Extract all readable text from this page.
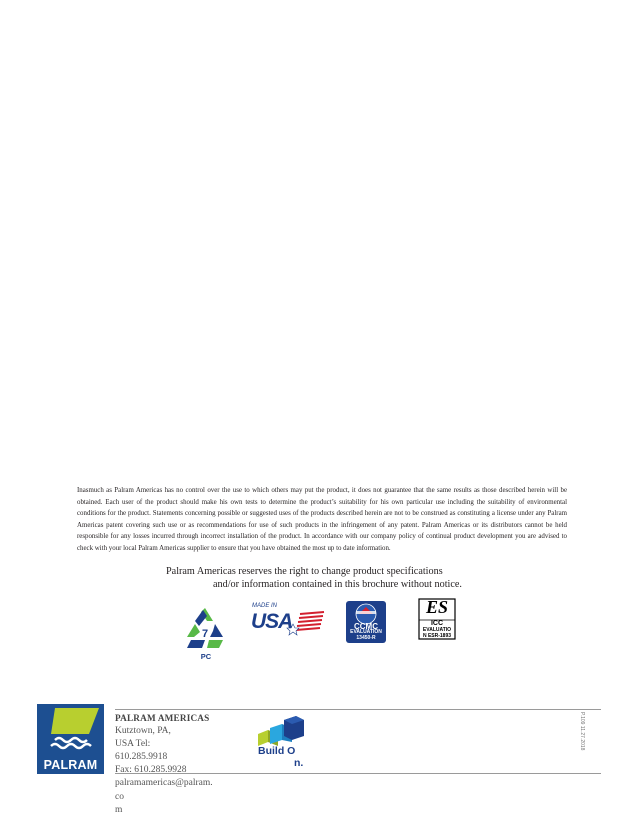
Inasmuch as Palram Americas has no control over the use to which others may put the product, it does not guarantee that the same results as those described herein will be obtained. Each user of the product should make his own tests to determine the product’s suitability for his own particular use including the suitability of environmental conditions for the product. Statements concerning possible or suggested uses of the products described herein are not to be construed as constituting a license under any Palram Americas patent covering such use or as recommendations for use of such products in the infringement of any patent. Palram Americas or its distributors cannot be held responsible for any losses incurred through incorrect installation of the product. In accordance with our company policy of continual product development you are advised to check with your local Palram Americas supplier to ensure that you have obtained the most up to date information.

Palram Americas reserves the right to change product specifications
and/or information contained in this brochure without notice.

7
PC
MADE IN
USA	CCMC
EVALUATION
13450-R
ES
ICC
EVALUATIO
N ESR-1893
PALRAM
PALRAM AMERICAS
Kutztown, PA,
USA Tel:
610.285.9918
Fax: 610.285.9928
palramamericas@palram.co
m
Build O
n.
P.109 11.27.2018
